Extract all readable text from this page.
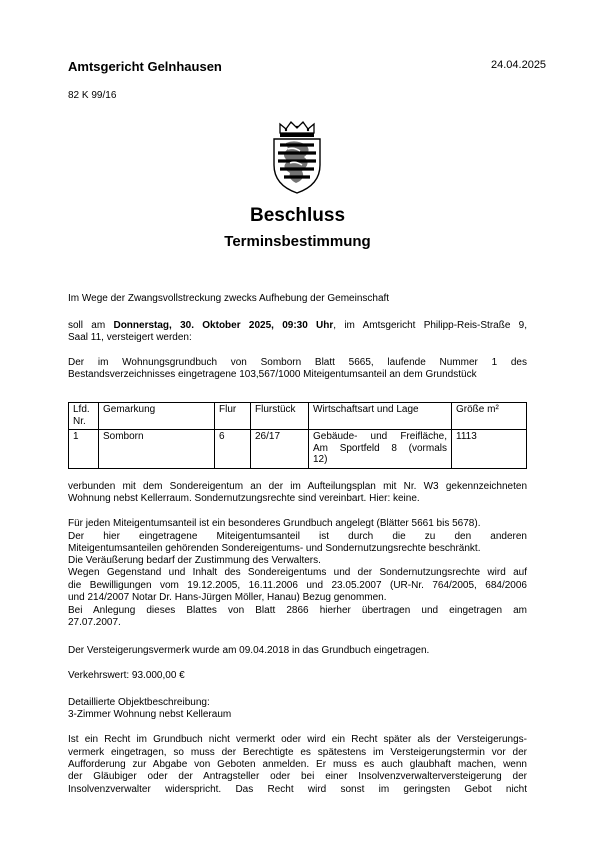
Amtsgericht Gelnhausen	24.04.2025
82 K 99/16
Beschluss
Terminsbestimmung
Im Wege der Zwangsvollstreckung zwecks Aufhebung der Gemeinschaft
soll am Donnerstag, 30. Oktober 2025, 09:30 Uhr, im Amtsgericht Philipp-Reis-Straße 9,
Saal 11, versteigert werden:
Der im Wohnungsgrundbuch von Somborn Blatt 5665, laufende Nummer 1 des
Bestandsverzeichnisses eingetragene 103,567/1000 Miteigentumsanteil an dem Grundstück
Lfd.
Nr.	Gemarkung	Flur	Flurstück	Wirtschaftsart und Lage	Größe m²
1	Somborn	6	26/17	Gebäude- und Freifläche,
Am Sportfeld 8 (vormals
12)	1113
verbunden mit dem Sondereigentum an der im Aufteilungsplan mit Nr. W3 gekennzeichneten
Wohnung nebst Kellerraum. Sondernutzungsrechte sind vereinbart. Hier: keine.
Für jeden Miteigentumsanteil ist ein besonderes Grundbuch angelegt (Blätter 5661 bis 5678).
Der hier eingetragene Miteigentumsanteil ist durch die zu den anderen
Miteigentumsanteilen gehörenden Sondereigentums- und Sondernutzungsrechte beschränkt.
Die Veräußerung bedarf der Zustimmung des Verwalters.
Wegen Gegenstand und Inhalt des Sondereigentums und der Sondernutzungsrechte wird auf
die Bewilligungen vom 19.12.2005, 16.11.2006 und 23.05.2007 (UR-Nr. 764/2005, 684/2006
und 214/2007 Notar Dr. Hans-Jürgen Möller, Hanau) Bezug genommen.
Bei Anlegung dieses Blattes von Blatt 2866 hierher übertragen und eingetragen am
27.07.2007.
Der Versteigerungsvermerk wurde am 09.04.2018 in das Grundbuch eingetragen.
Verkehrswert: 93.000,00 €
Detaillierte Objektbeschreibung:
3-Zimmer Wohnung nebst Kelleraum
Ist ein Recht im Grundbuch nicht vermerkt oder wird ein Recht später als der Versteigerungs-
vermerk eingetragen, so muss der Berechtigte es spätestens im Versteigerungstermin vor der
Aufforderung zur Abgabe von Geboten anmelden. Er muss es auch glaubhaft machen, wenn
der Gläubiger oder der Antragsteller oder bei einer Insolvenzverwalterversteigerung der
Insolvenzverwalter widerspricht. Das Recht wird sonst im geringsten Gebot nicht
